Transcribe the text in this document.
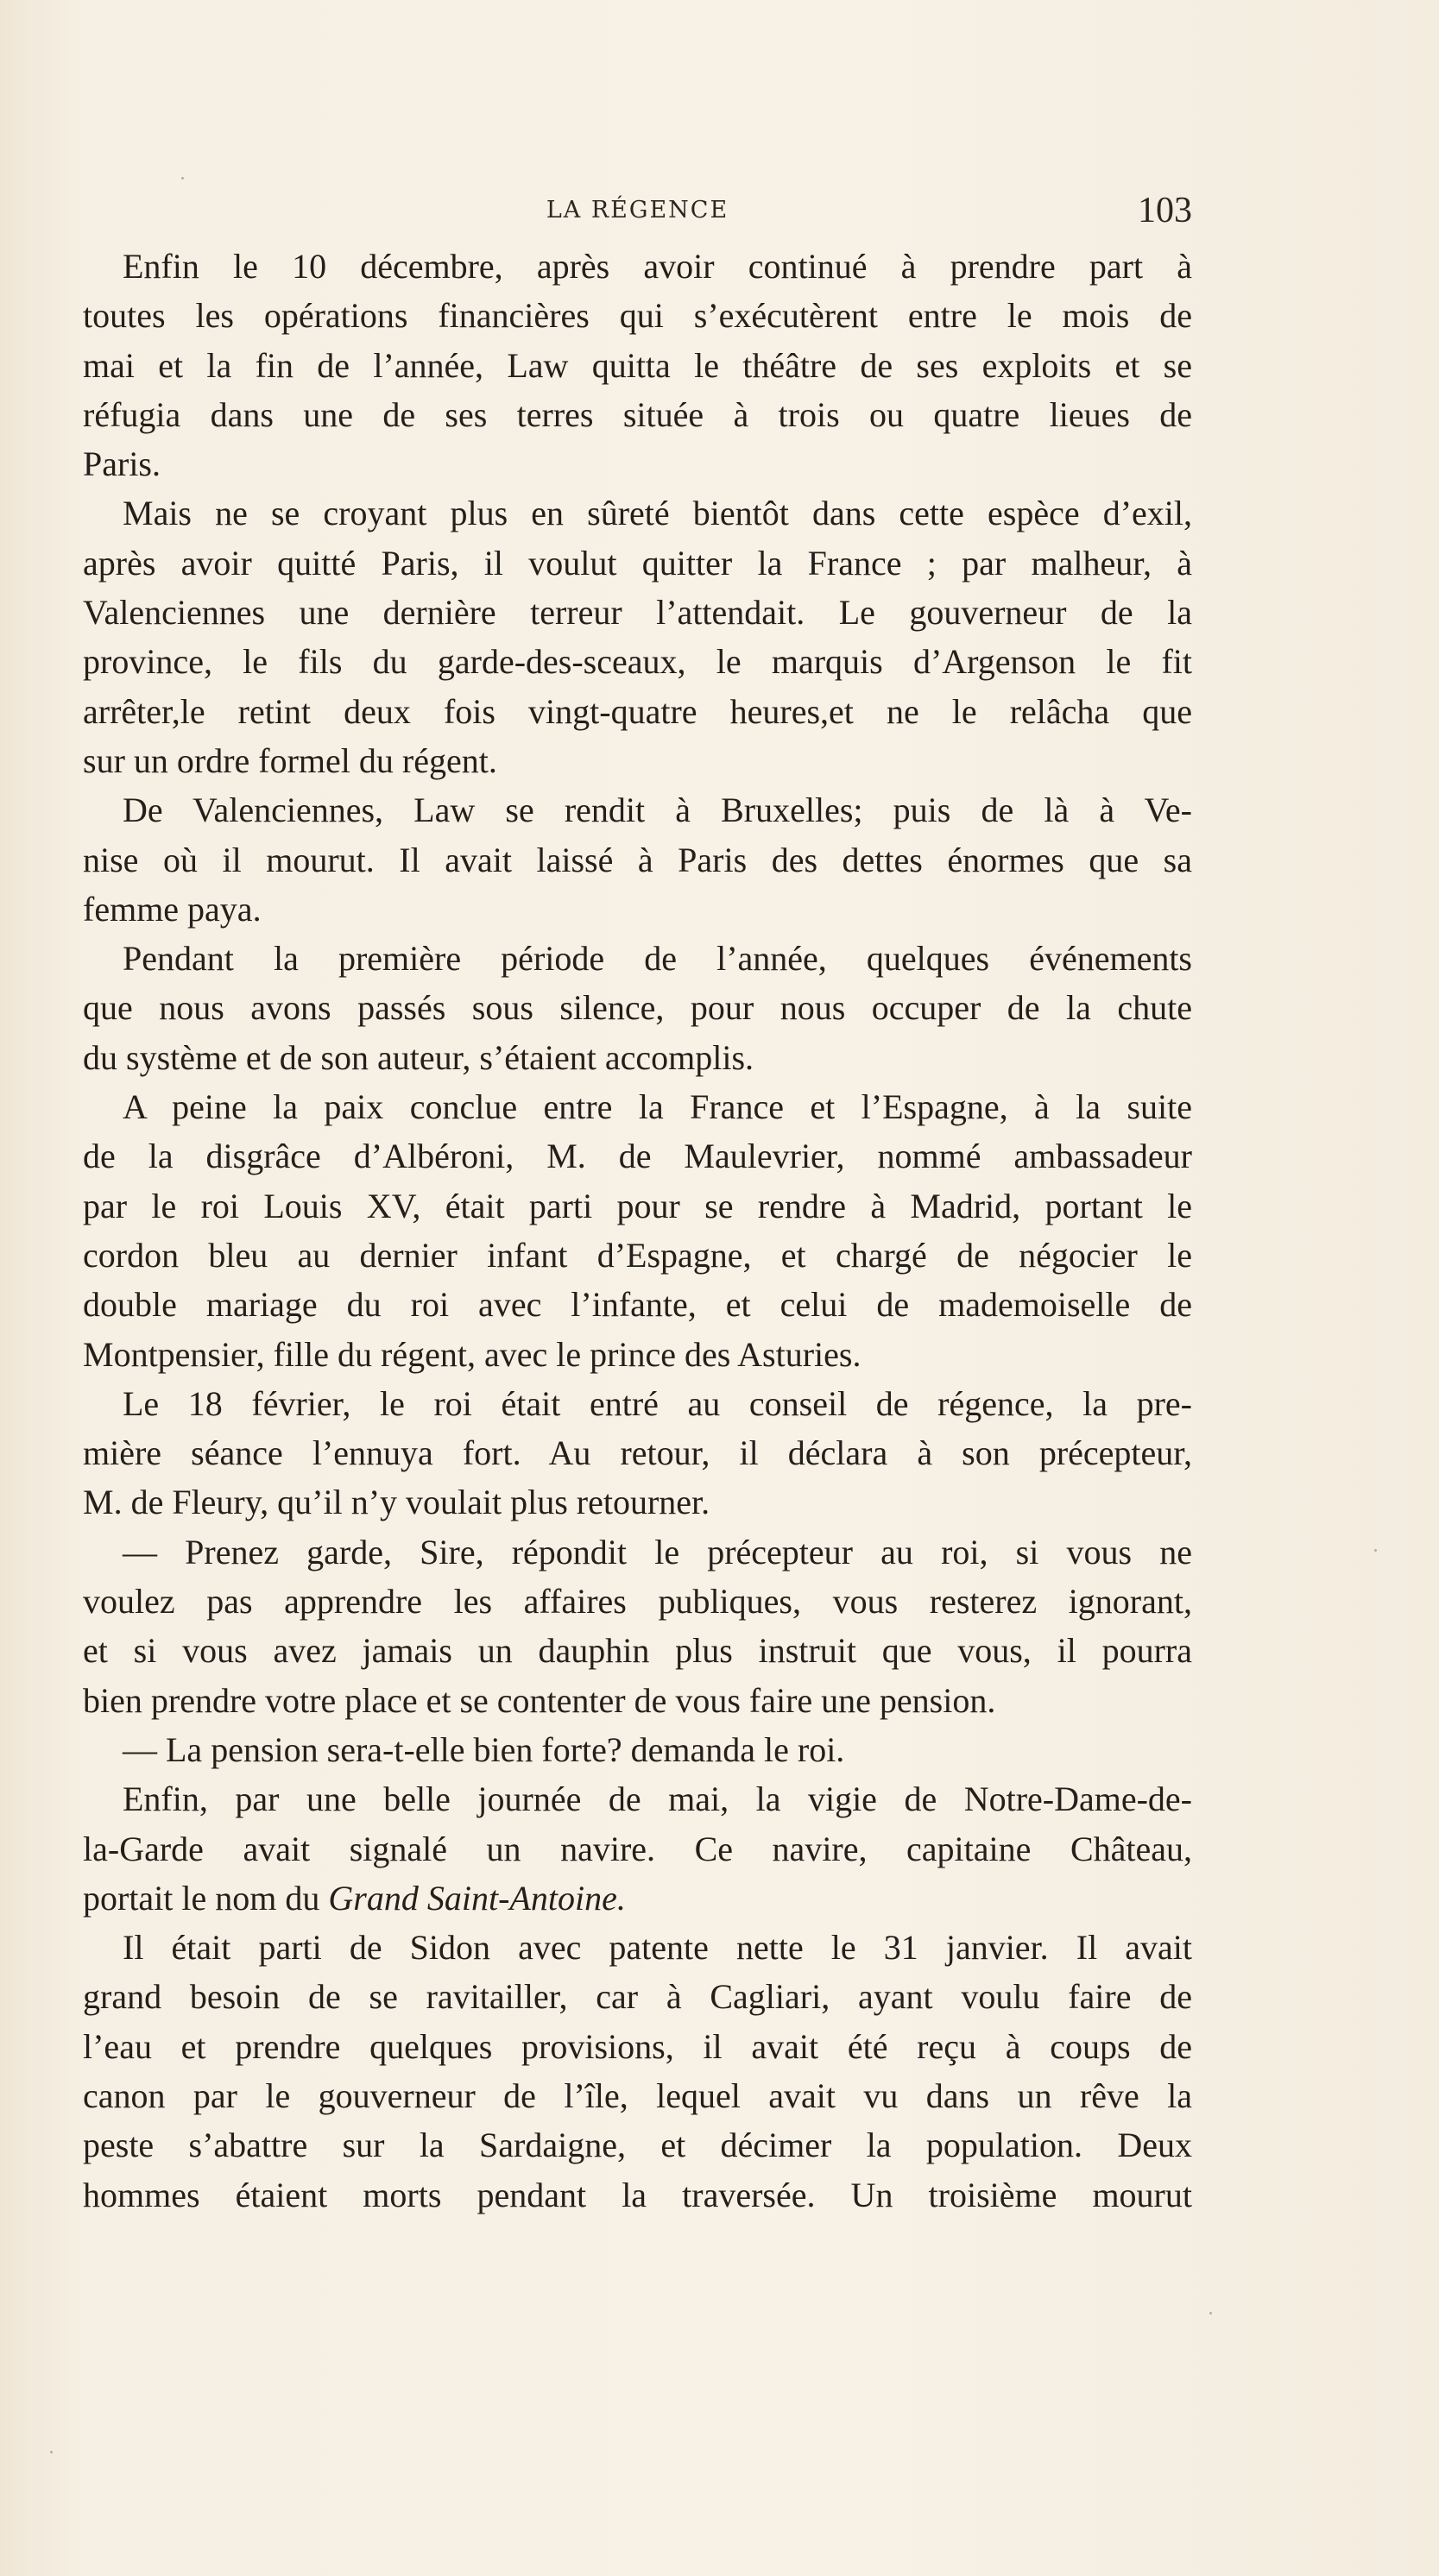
LA RÉGENCE	103
Enfin le 10 décembre, après avoir continué à prendre part à
toutes les opérations financières qui s’exécutèrent entre le mois de
mai et la fin de l’année, Law quitta le théâtre de ses exploits et se
réfugia dans une de ses terres située à trois ou quatre lieues de
Paris.
Mais ne se croyant plus en sûreté bientôt dans cette espèce d’exil,
après avoir quitté Paris, il voulut quitter la France ; par malheur, à
Valenciennes une dernière terreur l’attendait. Le gouverneur de la
province, le fils du garde-des-sceaux, le marquis d’Argenson le fit
arrêter,le retint deux fois vingt-quatre heures,et ne le relâcha que
sur un ordre formel du régent.
De Valenciennes, Law se rendit à Bruxelles; puis de là à Ve-
nise où il mourut. Il avait laissé à Paris des dettes énormes que sa
femme paya.
Pendant la première période de l’année, quelques événements
que nous avons passés sous silence, pour nous occuper de la chute
du système et de son auteur, s’étaient accomplis.
A peine la paix conclue entre la France et l’Espagne, à la suite
de la disgrâce d’Albéroni, M. de Maulevrier, nommé ambassadeur
par le roi Louis XV, était parti pour se rendre à Madrid, portant le
cordon bleu au dernier infant d’Espagne, et chargé de négocier le
double mariage du roi avec l’infante, et celui de mademoiselle de
Montpensier, fille du régent, avec le prince des Asturies.
Le 18 février, le roi était entré au conseil de régence, la pre-
mière séance l’ennuya fort. Au retour, il déclara à son précepteur,
M. de Fleury, qu’il n’y voulait plus retourner.
— Prenez garde, Sire, répondit le précepteur au roi, si vous ne
voulez pas apprendre les affaires publiques, vous resterez ignorant,
et si vous avez jamais un dauphin plus instruit que vous, il pourra
bien prendre votre place et se contenter de vous faire une pension.
— La pension sera-t-elle bien forte? demanda le roi.
Enfin, par une belle journée de mai, la vigie de Notre-Dame-de-
la-Garde avait signalé un navire. Ce navire, capitaine Château,
portait le nom du Grand Saint-Antoine.
Il était parti de Sidon avec patente nette le 31 janvier. Il avait
grand besoin de se ravitailler, car à Cagliari, ayant voulu faire de
l’eau et prendre quelques provisions, il avait été reçu à coups de
canon par le gouverneur de l’île, lequel avait vu dans un rêve la
peste s’abattre sur la Sardaigne, et décimer la population. Deux
hommes étaient morts pendant la traversée. Un troisième mourut
